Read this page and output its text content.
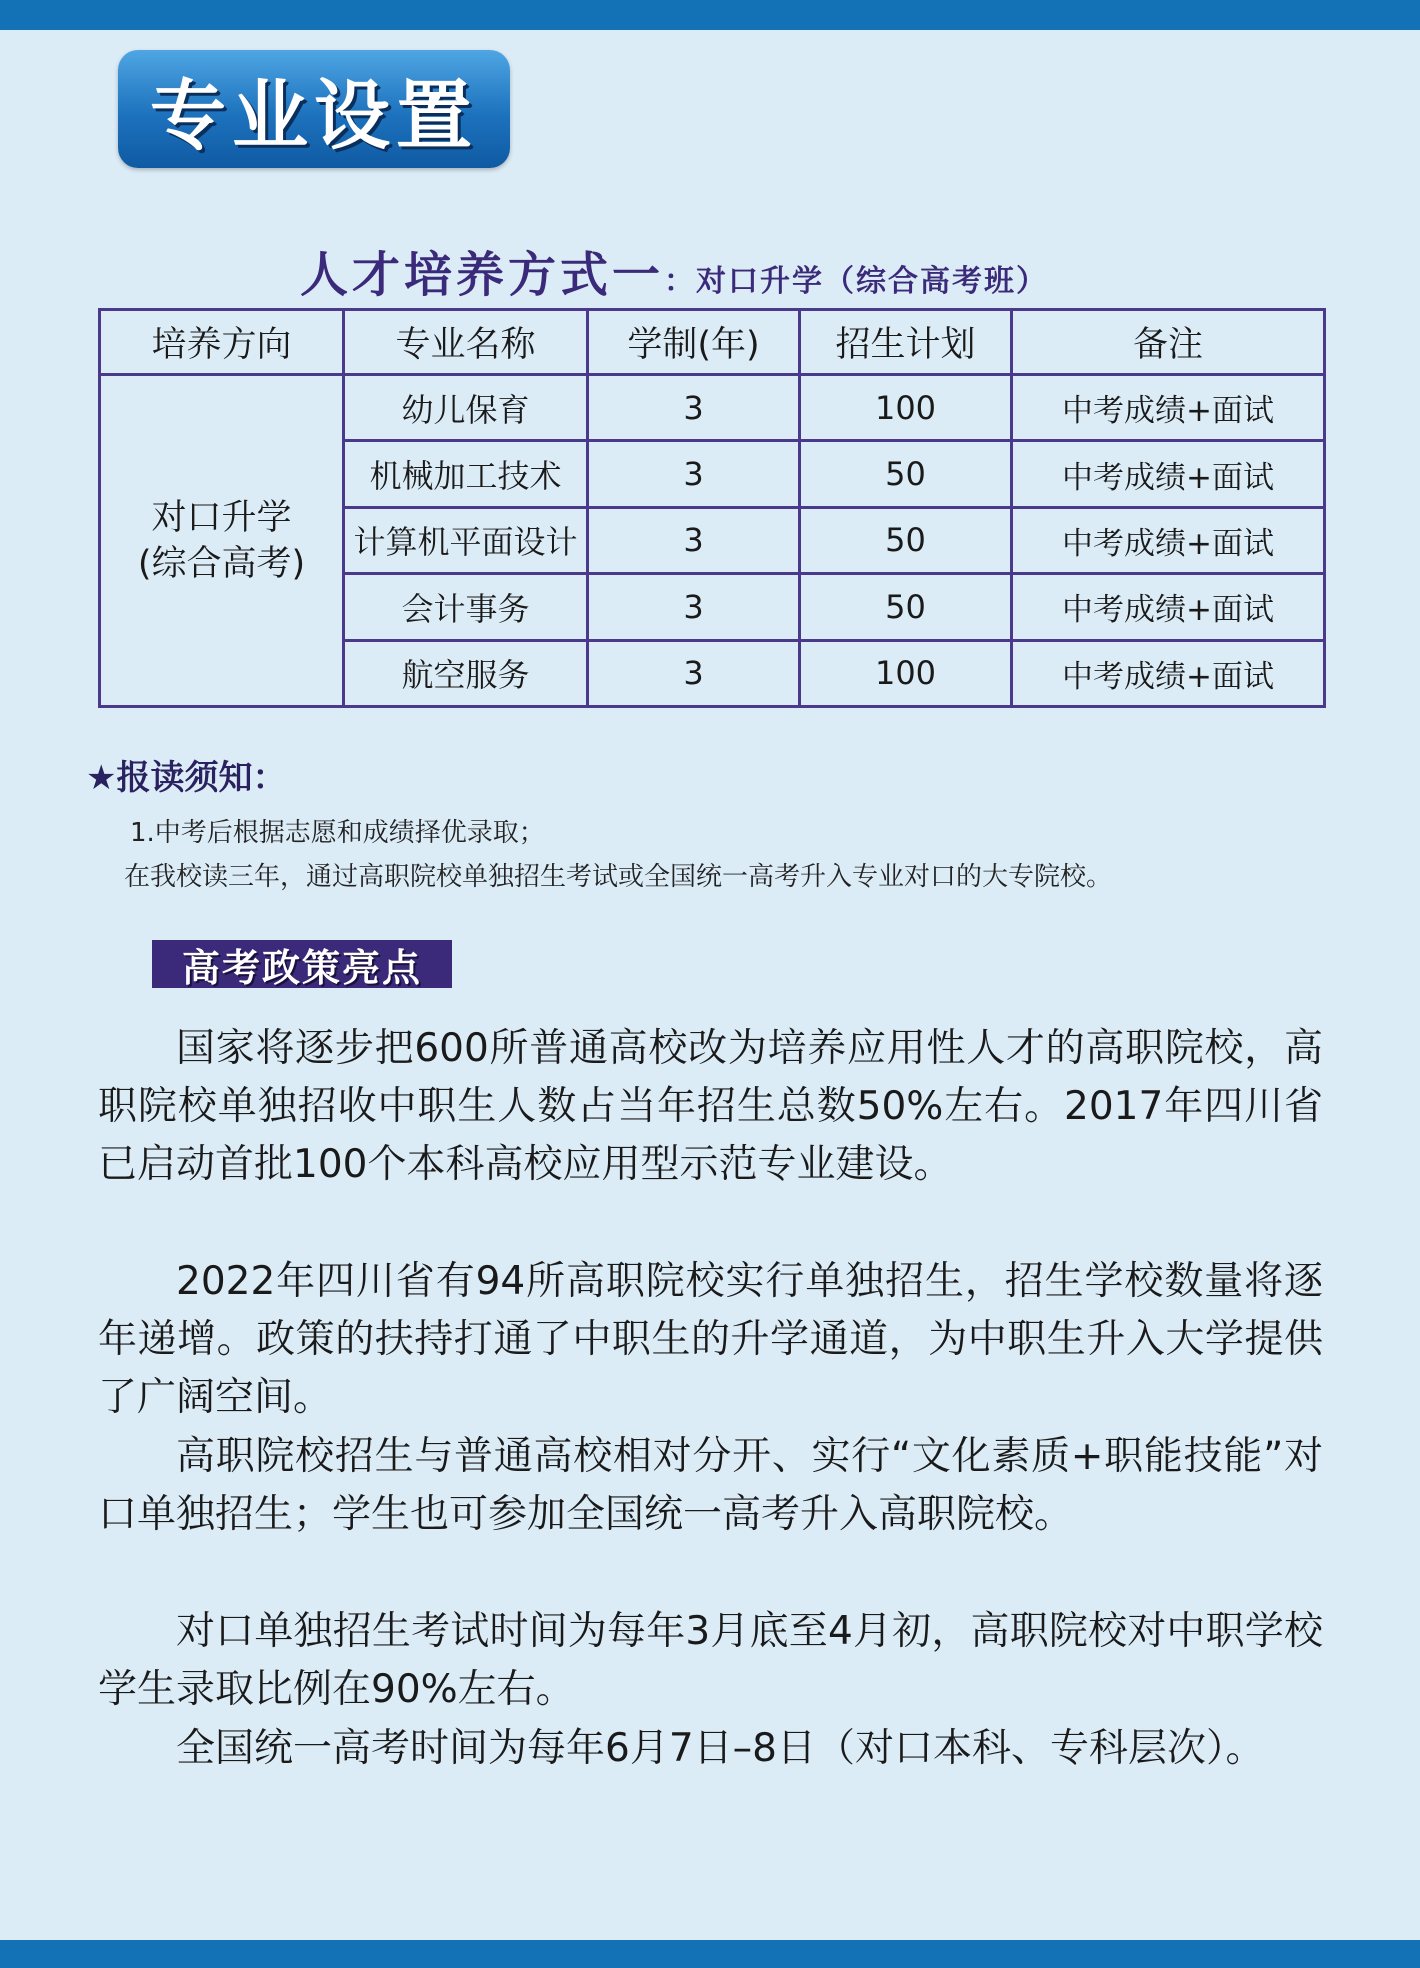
专业设置
人才培养方式一 ：对口升学（综合高考班）
培养方向	专业名称	学制(年)	招生计划	备注

对口升学
(综合高考)	幼儿保育	3	100	中考成绩+面试
	机械加工技术	3	50	中考成绩+面试
	计算机平面设计	3	50	中考成绩+面试
	会计事务	3	50	中考成绩+面试
	航空服务	3	100	中考成绩+面试
★报读须知：
1.中考后根据志愿和成绩择优录取；
在我校读三年，通过高职院校单独招生考试或全国统一高考升入专业对口的大专院校。
高考政策亮点

国家将逐步把600所普通高校改为培养应用性人才的高职院校，高职院校单独招收中职生人数占当年招生总数50%左右。2017年四川省已启动首批100个本科高校应用型示范专业建设。

2022年四川省有94所高职院校实行单独招生，招生学校数量将逐年递增。政策的扶持打通了中职生的升学通道，为中职生升入大学提供了广阔空间。

高职院校招生与普通高校相对分开、实行“文化素质+职能技能”对口单独招生；学生也可参加全国统一高考升入高职院校。

对口单独招生考试时间为每年3月底至4月初，高职院校对中职学校学生录取比例在90%左右。

全国统一高考时间为每年6月7日–8日（对口本科、专科层次）。
